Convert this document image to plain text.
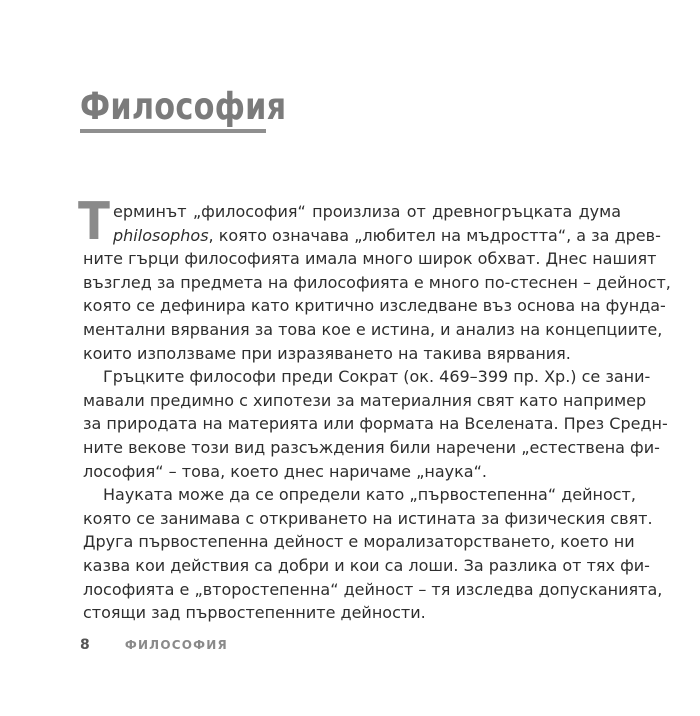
Философия
Т ерминът „философия“ произлиза от древногръцката дума
philosophos, която означава „любител на мъдростта“, а за древ-
ните гърци философията имала много широк обхват. Днес нашият
възглед за предмета на философията е много по-стеснен – дейност,
която се дефинира като критично изследване въз основа на фунда-
ментални вярвания за това кое е истина, и анализ на концепциите,
които използваме при изразяването на такива вярвания.
Гръцките философи преди Сократ (ок. 469–399 пр. Хр.) се зани-
мавали предимно с хипотези за материалния свят като например
за природата на материята или формата на Вселената. През Средн-
ните векове този вид разсъждения били наречени „естествена фи-
лософия“ – това, което днес наричаме „наука“.
Науката може да се определи като „първостепенна“ дейност,
която се занимава с откриването на истината за физическия свят.
Друга първостепенна дейност е морализаторстването, което ни
казва кои действия са добри и кои са лоши. За разлика от тях фи-
лософията е „второстепенна“ дейност – тя изследва допусканията,
стоящи зад първостепенните дейности.
8	ФИЛОСОФИЯ
